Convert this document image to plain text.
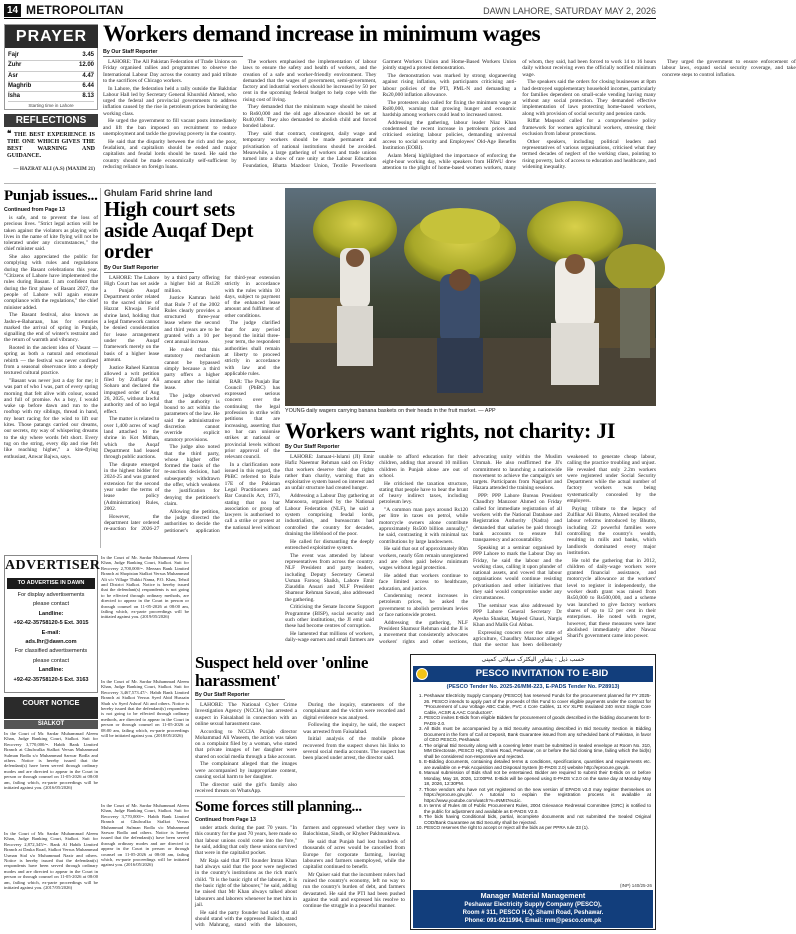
14 METROPOLITAN	DAWN LAHORE, SATURDAY MAY 2, 2026
PRAYER
Fajr	3.45
Zuhr	12.00
Asr	4.47
Maghrib	6.44
Isha	8.13
Starting time in Lahore
REFLECTIONS
❝ THE BEST EXPERIENCE IS THE ONE WHICH GIVES THE BEST WARNING AND GUIDANCE.
— HAZRAT ALI (A.S) (MAXIM 21)
Workers demand increase in minimum wages
By Our Staff Reporter

LAHORE: The All Pakistan Federation of Trade Unions on Friday organised rallies and programmes to observe the International Labour Day across the country and paid tribute to the sacrifices of Chicago workers.

In Lahore, the federation held a rally outside the Bakhtiar Labour Hall led by Secretary General Khurshid Ahmed, who urged the federal and provincial governments to address inflation caused by the rise in petroleum prices burdening the working class.

He urged the government to fill vacant posts immediately and lift the ban imposed on recruitment to reduce unemployment and tackle the growing poverty in the country.

He said that the disparity between the rich and the poor, feudalism, and capitalism should be ended and major capitalists and feudal lords should be taxed. He said the country should be made economically self-sufficient by reducing reliance on foreign loans.

The workers emphasised the implementation of labour laws to ensure the safety and health of workers, and the creation of a safe and worker-friendly environment. They demanded that the wages of government, semi-government, factory and industrial workers should be increased by 50 per cent in the upcoming federal budget to help cope with the rising cost of living.

They demanded that the minimum wage should be raised to Rs60,000 and the old age allowance should be set at Rs40,000. They also demanded to abolish child and forced bonded labour.

They said that contract, contingent, daily wage and temporary workers should be made permanent and privatisation of national institutions should be avoided. Meanwhile, a large gathering of workers and trade unions turned into a show of rare unity at the Labour Education Foundation, Bhatta Mazdoor Union, Textile Powerloom Garment Workers Union and Home-Based Workers Union jointly staged a protest demonstration.

The demonstration was marked by strong sloganeering against rising inflation, with participants criticising anti-labour policies of the PTI, PML-N and demanding a Rs20,000 inflation allowance.

The protesters also called for fixing the minimum wage at Rs80,000, warning that growing hunger and economic hardship among workers could lead to increased unrest.

Addressing the gathering, labour leader Niaz Khan condemned the recent increase in petroleum prices and criticised existing labour policies, demanding universal access to social security and Employees' Old-Age Benefits Institution (EOBI).

Aslam Meraj highlighted the importance of enforcing the eight-hour working day, while speakers from HBWU drew attention to the plight of home-based women workers, many of whom, they said, had been forced to work 14 to 16 hours daily without receiving even the officially notified minimum wage.

The speakers said the orders for closing businesses at 8pm had destroyed supplementary household incomes, particularly for families dependent on small-scale vending having many without any social protection. They demanded effective implementation of laws protecting home-based workers, along with provision of social security and pension cards.

Riffat Maqsood called for a comprehensive policy framework for women agricultural workers, stressing their exclusion from labour protections.

Other speakers, including political leaders and representatives of various organisations, criticised what they termed decades of neglect of the working class, pointing to rising poverty, lack of access to education and healthcare, and widening inequality.

They urged the government to ensure enforcement of labour laws, expand social security coverage, and take concrete steps to control inflation.

Punjab issues...
Continued from Page 13

is safe, and to prevent the loss of precious lives. "Strict legal action will be taken against the violators as playing with lives in the name of kite flying will not be tolerated under any circumstances," the chief minister said.

She also appreciated the public for complying with rules and regulations during the Basant celebrations this year. "Citizens of Lahore have implemented the rules during Basant. I am confident that during the first phase of Basant 2027, the people of Lahore will again ensure compliance with the regulations," the chief minister added.

The Basant festival, also known as Jashn-e-Baharaan, has for centuries marked the arrival of spring in Punjab, signalling the end of winter's restraint and the return of warmth and vibrancy.

Rooted in the ancient idea of Vasant — spring as both a natural and emotional rebirth — the festival was never confined from a seasonal observance into a deeply textured cultural practice.

"Basant was never just a day for me; it was part of who I was, part of every spring morning that felt alive with colour, sound and full of promise. As a boy, I would wake up before dawn and run to the rooftop with my siblings, thread in hand, my heart racing for the wind to lift our kites. Those patangs carried our dreams, our secrets, my way of whispering dreams to the sky where words felt short. Every tug on the string, every dip and rise felt like reaching higher," a kite-flying enthusiast, Anwar Bajwa, says.

Ghulam Farid shrine land
High court sets aside Auqaf Dept order
By Our Staff Reporter

LAHORE: The Lahore High Court has set aside a Punjab Auqaf Department order related to the sacred shrine of Hazrat Khwaja Farid shrine land, holding that a legal framework cannot be denied consideration for lease arrangement under the Auqaf framework merely on the basis of a higher lease amount.

Justice Raheel Kamran allowed a writ petition filed by Zulfiqar Ali Soharo and declared the impugned order of Aug 26, 2025, without lawful authority and of no legal effect.

The matter is related to over 1,400 acres of waqf land attached to the shrine in Kot Mithan, which the Auqaf Department had leased through public auctions.

The dispute emerged in the highest bidder for 2024-25 and was granted extension for the second year under the terms of lease policy (Administration) Rules, 2002.

However, the department later ordered re-auction for 2026-27 by a third party offering a higher bid at Rs128 million.

Justice Kamran held that Rule 7 of the 2002 Rules clearly provides a structured three-year lease where the second and third years are to be granted with a 10 per cent annual increase.

He ruled that this statutory mechanism cannot be bypassed simply because a third party offers a higher amount after the initial lease.

The judge observed that the authority is bound to act within the parameters of the law. He said the administrative discretion cannot override explicit statutory provisions.

The judge also noted that the third party, whose higher offer formed the basis of the re-auction decision, had subsequently withdrawn the offer, which weakens the justification for denying the petitioner's claim.

Allowing the petition, the judge directed the authorities to decide the petitioner's application for third-year extension strictly in accordance with the rules within 10 days, subject to payment of the enhanced lease amount and fulfilment of other conditions.

The judge clarified that for any period beyond the initial three-year term, the respondent authorities shall remain at liberty to proceed strictly in accordance with law and the applicable rules.

BAR: The Punjab Bar Council (PbBC) has expressed serious concern over the continuing the legal profession in strike with petitions that are increasing, asserting that no bar can unionise strikes at national or provincial levels without prior approval of the relevant council.

In a clarification note issued in this regard, the PbBC referred to Rule 17E of the Pakistan Legal Practitioners and Bar Councils Act, 1973, stating that no bar association or group of lawyers is authorised to call a strike or protest at the national level without

YOUNG daily wagers carrying banana baskets on their heads in the fruit market. — APP
Workers want rights, not charity: JI
By Our Staff Reporter

LAHORE: Jamaat-i-Islami (JI) Emir Hafiz Naeemur Rehman said on Friday that workers deserve their due rights rather than charity, warning that an exploitative system based on interest and an unfair structure had created hunger.

Addressing a Labour Day gathering at Mansoora, organised by the National Labour Federation (NLF), he said a system comprising feudal lords, industrialists, and bureaucrats had controlled the country for decades, draining the lifeblood of the poor.

He called for dismantling the deeply entrenched exploitative system.

The event was attended by labour representatives from across the country. NLF President and party leaders, including Deputy Secretary General Usman Farooq Shaikh, Lahore Emir Ziauddin Ansari and NLF President Shamsur Rehman Sawati, also addressed the gathering.

Criticising the Senate Income Support Programme (BISP), social security and such other institutions, the JI emir said these had become centres of corruption.

He lamented that millions of workers, daily-wage earners and small farmers are unable to afford education for their children, adding that around 10 million children in Punjab alone are out of school.

He criticised the taxation structure, stating that people have to bear the brunt of heavy indirect taxes, including petroleum levy.

"A common man pays around Rs120 per litre in taxes on petrol, while motorcycle owners alone contribute approximately Rs500 billion annually," he said, contrasting it with minimal tax contributions by large landowners.

He said that out of approximately 80m workers, nearly 65m remain unregistered and are often paid below minimum wages without legal protection.

He added that workers continue to face limited access to healthcare, education, and justice.

Condemning recent increases in petroleum prices, he asked the government to abolish petroleum levies or face nationwide protest.

Addressing the gathering, NLF President Shamsur Rehman said the JI is a movement that consistently advocates workers' rights and other sections, advocating unity within the Muslim Ummah. He also reaffirmed the JI's commitment to launching a nationwide movement to achieve the campaign's set targets. Participants from Nagarkot and Hazara attended the training sessions.

PPP: PPP Lahore Bureau President Chaudhry Manzoor Ahmed on Friday called for immediate registration of all workers with the National Database and Registration Authority (Nadra) and demanded that salaries be paid through bank accounts to ensure full transparency and accountability.

Speaking at a seminar organised by PPP Lahore to mark the Labour Day on Friday, he said the labour and the working class, calling it upon plunder of national assets, and vowed that labour organisations would continue resisting privatisation and other initiatives that they said would compromise under any circumstances.

The seminar was also addressed by PPP Lahore General Secretary Dr Ayesha Shaukat, Majeed Ghauri, Nargis Khan and Malik Gul Abbas.

Expressing concern over the state of agriculture, Chaudhry Manzoor alleged that the sector has been deliberately weakened to generate cheap labour, calling the practice troubling and unjust. He revealed that only 2.2m workers were registered under Social Security Department while the actual number of factory workers was being systematically concealed by the employers.

Paying tribute to the legacy of Zulfikar Ali Bhutto, Ahmed recalled the labour reforms introduced by Bhutto, including 22 powerful families were controlling the country's wealth, resulting in mills and banks, which landlords dominated every major institution.

He told the gathering that in 2012, children of daily-wage workers were granted financial assistance, and motorcycle allowance at the workers' level to register it independently, the worker death grant was raised from Rs50,000 to Rs500,000, and a scheme was launched to give factory workers shares of up to 12 per cent in their enterprises. He noted with regret, however, that these measures were later abolished immediately after Nawaz Sharif's government came into power.

ADVERTISER
TO ADVERTISE IN DAWN
For display advertisements
please contact
Landline:
+92-42-35758120-5 Ext. 3015
E-mail:
ads.lhr@dawn.com
For classified advertisements
please contact
Landline:
+92-42-35758120-5 Ext. 3163
COURT NOTICE
SIALKOT
In the Court of Mr. Sardar Muhammad Aleem Khan, Judge Banking Court, Sialkot. Suit for Recovery 3,770,000/=. Habib Bank Limited Branch at Ghulwalka Sialkot Versus Muhammad Sulman Bodla s/o Muhammad Sarwar Bodla and others. Notice is hereby issued that the defendant(s) have been served through ordinary modes and are directed to appear in the Court in person or through counsel on 11-05-2026 at 08:00 am, failing which, ex-parte proceedings will be initiated against you. (2016/05/2026)
In the Court of Mr. Sardar Muhammad Aleem Khan, Judge Banking Court, Sialkot. Suit for Recovery 2,872,345/=. Bank Al Habib Limited Branch at Daska Road, Sialkot Versus Muhammad Usman Sial s/o Muhammad Nazir and others. Notice is hereby issued that the defendant(s) respondents have been served through ordinary modes and are directed to appear in the Court in person or through counsel on 11-05-2026 at 08:00 am, failing which, ex-parte proceedings will be initiated against you. (2017/05/2026)
In the Court of Mr. Sardar Muhammad Aleem Khan, Judge Banking Court, Sialkot. Suit for Recovery 2,700,000/=. Meezan Bank Limited Branch at Shopistan Sialkot Versus Muhammad Ali s/o Village Thikki Nama, P.O. Khas, Tehsil and District Sialkot. Notice is hereby issued that the defendant(s) respondents is not going to be effected through ordinary methods, are directed to appear in the Court in person or through counsel on 11-05-2026 at 08:00 am, failing which, ex-parte proceedings will be initiated against you. (2019/05/2026)
In the Court of Mr. Sardar Muhammad Aleem Khan, Judge Banking Court, Sialkot. Suit for Recovery 3,467,573.47/-. Habib Bank Limited Branch at Sialkot Versus Syed Abid Hussain Shah s/o Syed Ashraf Ali and others. Notice is hereby issued that the defendant(s) respondents is not going to be effected through ordinary methods, are directed to appear in the Court in person or through counsel on 11-05-2026 at 08:00 am, failing which, ex-parte proceedings will be initiated against you. (2018/05/2026)
In the Court of Mr. Sardar Muhammad Aleem Khan, Judge Banking Court, Sialkot. Suit for Recovery 3,770,000/=. Habib Bank Limited Branch at Ghulwalka Sialkot Versus Muhammad Sulman Bodla s/o Muhammad Sarwar Bodla and others. Notice is hereby issued that the defendant(s) have been served through ordinary modes and are directed to appear in the Court in person or through counsel on 11-05-2026 at 08:00 am, failing which, ex-parte proceedings will be initiated against you. (2016/05/2026)
Suspect held over 'online harassment'
By Our Staff Reporter

LAHORE: The National Cyber Crime Investigation Agency (NCCIA) has arrested a suspect in Faisalabad in connection with an online sexual harassment case.

According to NCCIA Punjab director Mohammad Ali Waseem, the action was taken on a complaint filed by a woman, who stated that private images of her daughter were shared on social media through a fake account.

The complainant alleged that the images were accompanied by inappropriate content, causing social harm to her daughter.

The director said the girl's family also received threats on WhatsApp.

During the inquiry, statements of the complainant and the victim were recorded and digital evidence was analysed.

Following the inquiry, he said, the suspect was arrested from Faisalabad.

Initial analysis of the mobile phone recovered from the suspect shows his links to several social media accounts. The suspect has been placed under arrest, the director said.

Some forces still planning...
Continued from Page 13

under attack during the past 70 years. "In this country for the past 70 years, here made so that labour unions could come into the fore," he said, adding that only these unions survived that were in the capitalist pocket.

Mr Raja said that PTI founder Imran Khan had always said that the poor were neglected in the country's institutions as the rich man's child. "It is the basic right of the labourer, it is the basic right of the labourer," he said, adding he raised that Mr Khan always talked about labourers and laborers whenever he met him in jail.

He said the party founder had said that all should stand with the oppressed Baloch, stand with Mahrang, stand with the labourers, farmers and oppressed whether they were in Balochistan, Sindh, or Khyber Pakhtunkhwa.

He said that Punjab had lost hundreds of thousands of acres would be cancelled from Europe for corporate farming, leaving labourers and farmers unemployed, while the capitalist continued to benefit.

Mr Qaiser said that the incumbent rulers had ruined the country's economy, left no way to run the country's burden of debt, and farmers devastated. He said the PTI had been pushed against the wall and expressed his resolve to continue the struggle in a peaceful manner.

حسب ذیل : پشاور الیکٹرک سپلائی کمپنی
PESCO INVITATION TO E-BID
(PESCO Tender No. 2025-26/MM-223, E-PADS Tender No. P28913)
1. Peshawar Electricity Supply Company (PESCO) has reserved Funds for the procurement planned for FY 2025-26. PESCO intends to apply part of the proceeds of this Fund to cover eligible payments under the contract for "Procurement of Low Voltage ABC Cable, PVC 4 Core Cables, 11 KV XLPE Insulated 240 mm2 Single Core Cable, ACSR & AAC Conductors".
2. PESCO invites E-Bids from eligible Bidders for procurement of goods described in the bidding documents for E-PADS-2.0.
3. All Bids must be accompanied by a Bid Security amounting described in Bid Security Section in Bidding Document in the form of Call at Deposit, Bank Guarantee issued from any scheduled bank of Pakistan, in favor of CEO PESCO, Peshawar.
4. The original Bid Security along with a covering letter must be submitted in sealed envelope at Room No. 310, MM Directorate, PESCO HQ, Shami Road, Peshawar, on or before the bid closing time, failing which the bid(s) shall be considered non-responsive and rejected.
5. E-Bidding documents, containing detailed terms & conditions, specifications, quantities and requirements etc. are available on e-Pak Acquisition and Disposal System (E-PADS 2.0) website http://eprocure.gov.pk.
6. Manual submission of Bids shall not be entertained. Bidder are required to submit their E-Bids on or before Monday, May 18, 2026, 12:00PM. E-Bids will be opened using E-PADS V.2.0 on the same day at Monday May 18, 2026, 12:30PM.
7. Those vendors who have not yet registered on the new version of EPADS v2.0 may register themselves on https://eprocure.gov.pk/. A tutorial to explain the registration process is available at https://www.youtube.com/watch?v=INMIt7eu1ic.
8. In terms of Rules 48 of Public Procurement Rules, 2004 Grievance Redressal Committee (GRC) is notified to the public for adjustment and available as E-PADS V2.0.
9. The bids having Conditional bids, partial, incomplete documents and not submitted the Sealed Original COD/Bank Guarantee as Bid Security shall be rejected.
10. PESCO reserves the right to accept or reject all the bids as per PPRA rule 33 (1).
(INP) 140/25-26
Manager Material Management
Peshawar Electricity Supply Company (PESCO),
Room # 311, PESCO H.Q, Shami Road, Peshawar.
Phone: 091-9211994, Email: mm@pesco.com.pk
